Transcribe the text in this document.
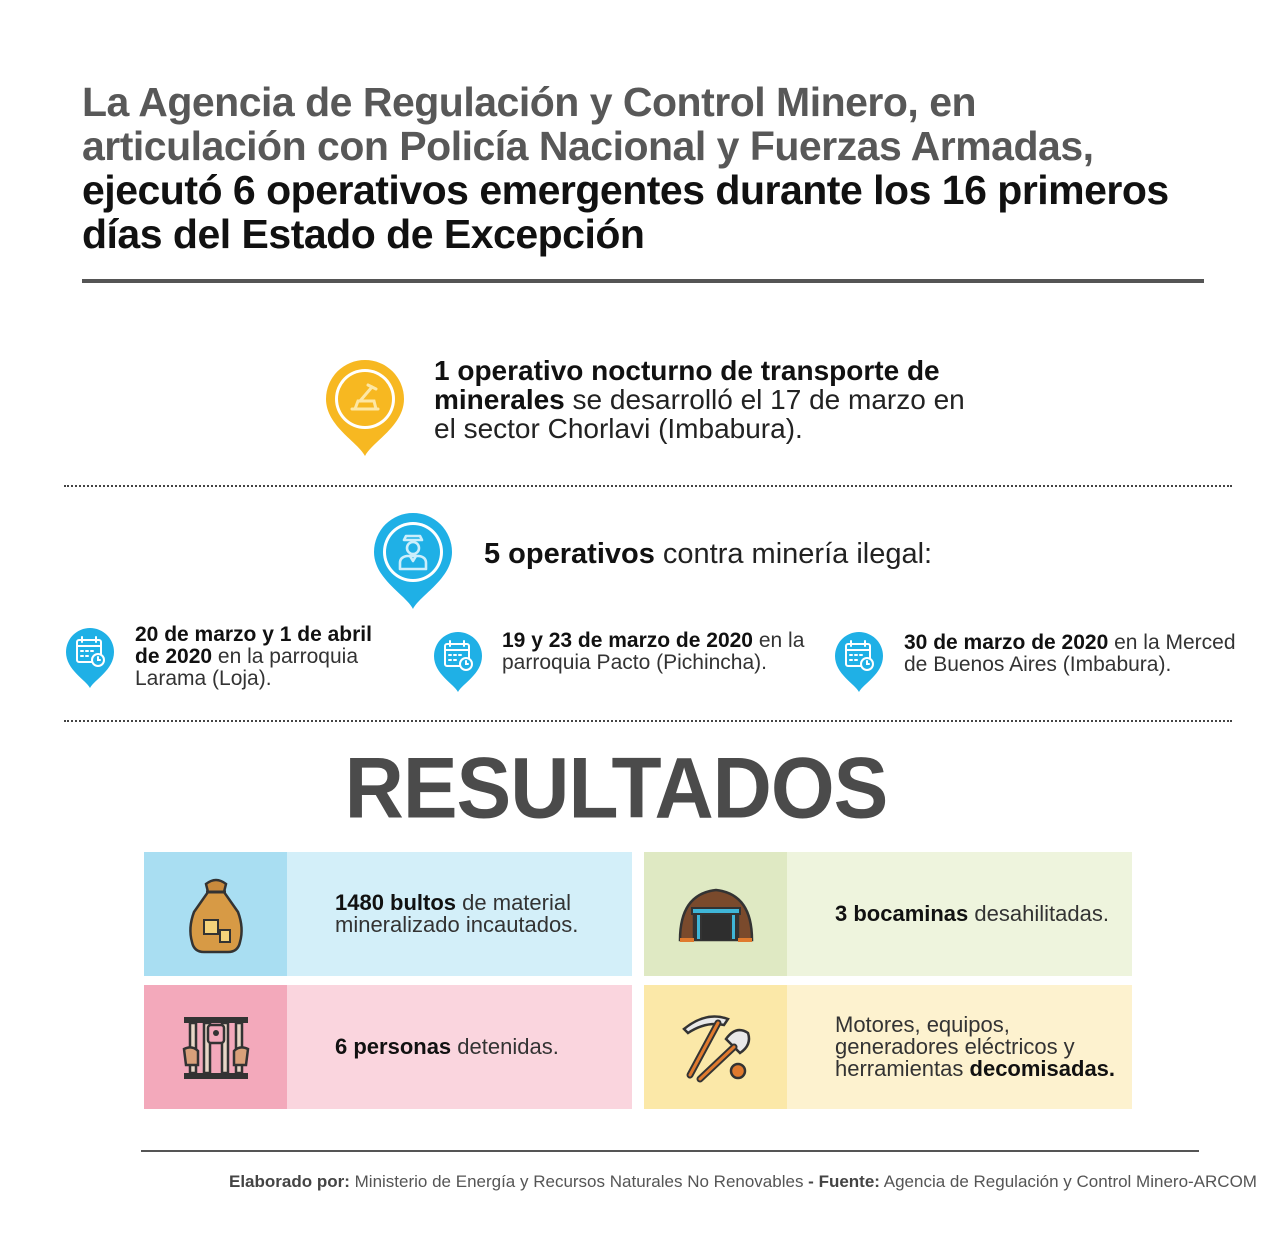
La Agencia de Regulación y Control Minero, en articulación con Policía Nacional y Fuerzas Armadas, ejecutó 6 operativos emergentes durante los 16 primeros días del Estado de Excepción
1 operativo nocturno de transporte de minerales se desarrolló el 17 de marzo en el sector Chorlavi (Imbabura).
5 operativos contra minería ilegal:
20 de marzo y 1 de abril de 2020 en la parroquia Larama (Loja).
19 y 23 de marzo de 2020 en la parroquia Pacto (Pichincha).
30 de marzo de 2020 en la Merced de Buenos Aires (Imbabura).
RESULTADOS
1480 bultos de material mineralizado incautados.	3 bocaminas desahilitadas.
6 personas detenidas.
Motores, equipos, generadores eléctricos y herramientas decomisadas.
Elaborado por: Ministerio de Energía y Recursos Naturales No Renovables - Fuente: Agencia de Regulación y Control Minero-ARCOM
